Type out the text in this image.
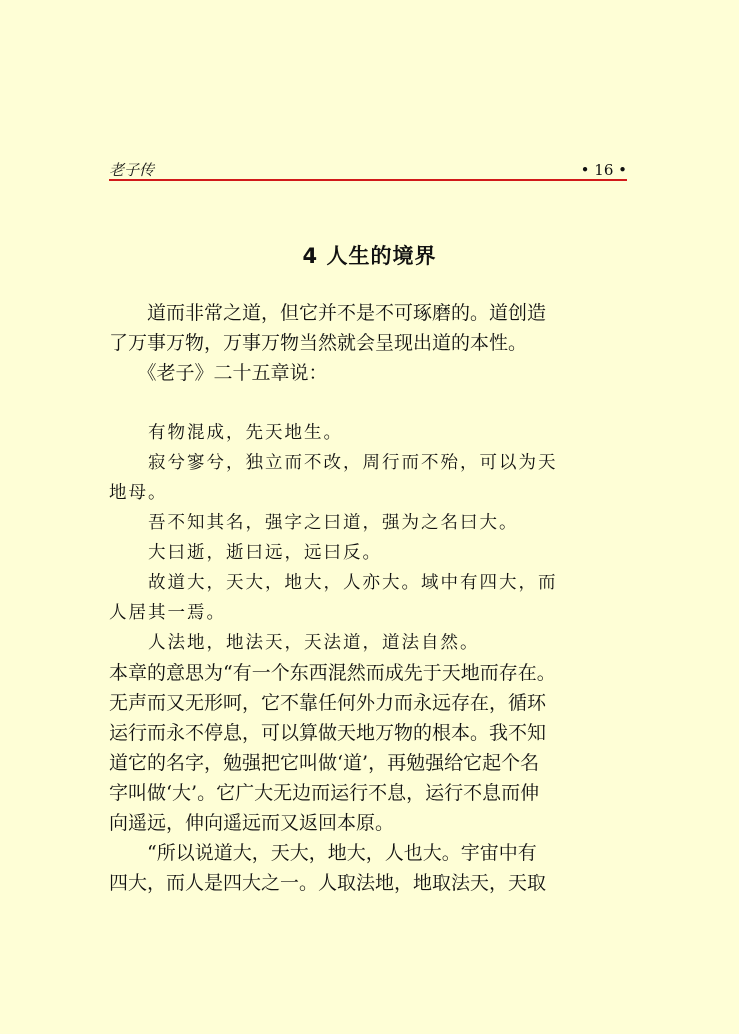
老子传	• 16 •
4 人生的境界
　　道而非常之道，但它并不是不可琢磨的。道创造
了万事万物，万事万物当然就会呈现出道的本性。
　　《老子》二十五章说：
　　有物混成，先天地生。
　　寂兮寥兮，独立而不改，周行而不殆，可以为天
地母。
　　吾不知其名，强字之曰道，强为之名曰大。
　　大曰逝，逝曰远，远曰反。
　　故道大，天大，地大，人亦大。域中有四大，而
人居其一焉。
　　人法地，地法天，天法道，道法自然。
本章的意思为“有一个东西混然而成先于天地而存在。
无声而又无形呵，它不靠任何外力而永远存在，循环
运行而永不停息，可以算做天地万物的根本。我不知
道它的名字，勉强把它叫做‘道’，再勉强给它起个名
字叫做‘大’。它广大无边而运行不息，运行不息而伸
向遥远，伸向遥远而又返回本原。
　　“所以说道大，天大，地大，人也大。宇宙中有
四大，而人是四大之一。人取法地，地取法天，天取
